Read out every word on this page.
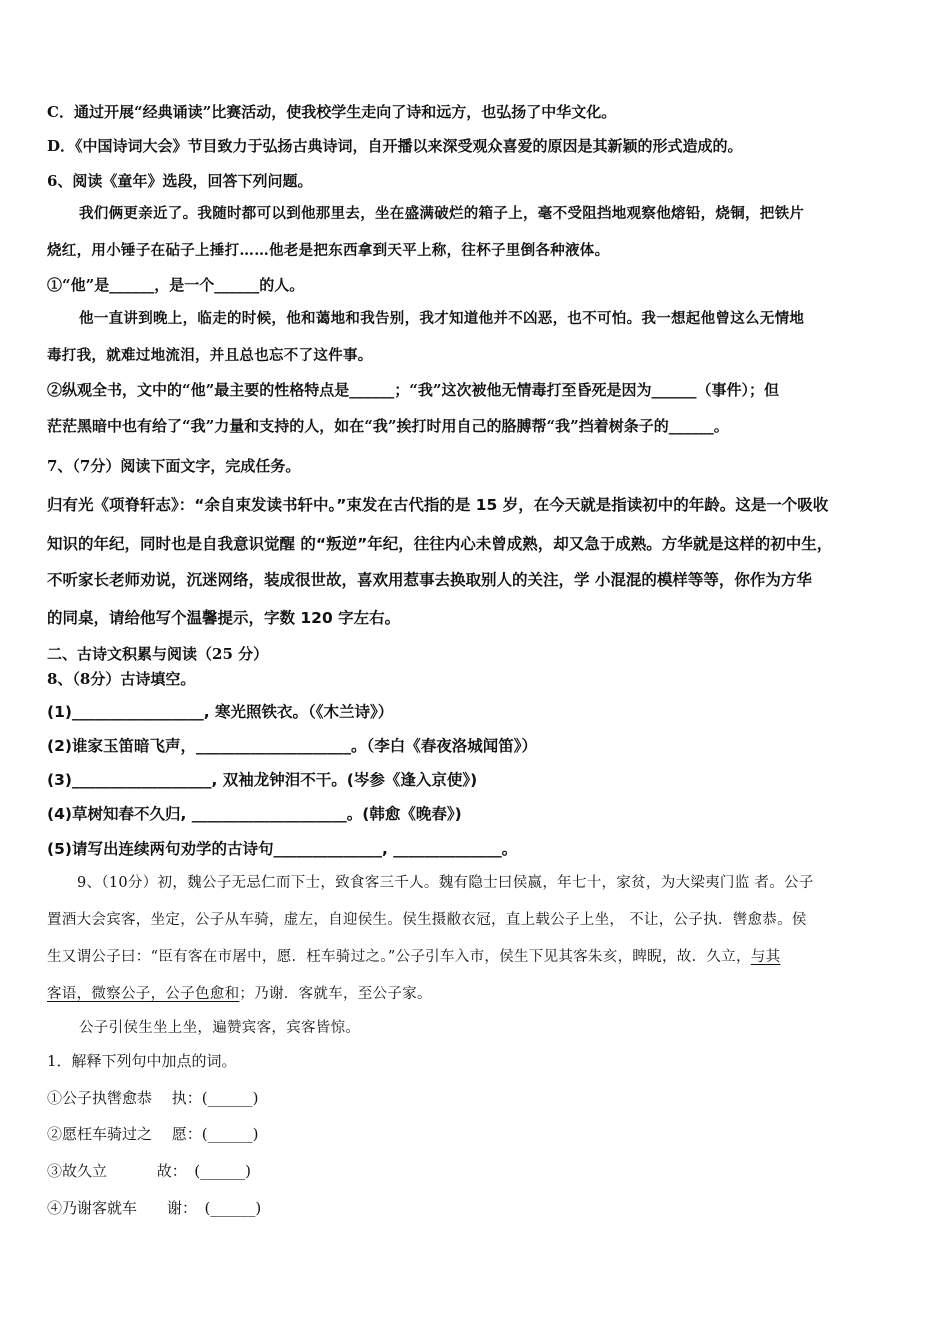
C．通过开展“经典诵读”比赛活动，使我校学生走向了诗和远方，也弘扬了中华文化。
D．《中国诗词大会》节目致力于弘扬古典诗词，自开播以来深受观众喜爱的原因是其新颖的形式造成的。
6、阅读《童年》选段，回答下列问题。
我们俩更亲近了。我随时都可以到他那里去，坐在盛满破烂的箱子上，毫不受阻挡地观察他熔铅，烧铜，把铁片
烧红，用小锤子在砧子上捶打……他老是把东西拿到天平上称，往杯子里倒各种液体。
①“他”是______，是一个______的人。
他一直讲到晚上，临走的时候，他和蔼地和我告别，我才知道他并不凶恶，也不可怕。我一想起他曾这么无情地
毒打我，就难过地流泪，并且总也忘不了这件事。
②纵观全书，文中的“他”最主要的性格特点是______；“我”这次被他无情毒打至昏死是因为______（事件）；但
茫茫黑暗中也有给了“我”力量和支持的人，如在“我”挨打时用自己的胳膊帮“我”挡着树条子的______。
7、（7分）阅读下面文字，完成任务。
归有光《项脊轩志》：“余自束发读书轩中。”束发在古代指的是 15 岁，在今天就是指读初中的年龄。这是一个吸收
知识的年纪，同时也是自我意识觉醒 的“叛逆”年纪，往往内心未曾成熟，却又急于成熟。方华就是这样的初中生，
不听家长老师劝说，沉迷网络，装成很世故，喜欢用惹事去换取别人的关注，学 小混混的模样等等，你作为方华
的同桌，请给他写个温馨提示，字数 120 字左右。
二、古诗文积累与阅读（25 分）
8、（8分）古诗填空。
(1)_________________, 寒光照铁衣。（《木兰诗》）
(2)谁家玉笛暗飞声，____________________。（李白《春夜洛城闻笛》）
(3)__________________, 双袖龙钟泪不干。(岑参《逢入京使》)
(4)草树知春不久归, ____________________。(韩愈《晚春》)
(5)请写出连续两句劝学的古诗句______________, ______________。
9、（10分）初，魏公子无忌仁而下士，致食客三千人。魏有隐士曰侯嬴，年七十，家贫，为大梁夷门监 者。公子
置酒大会宾客，坐定，公子从车骑，虚左，自迎侯生。侯生摄敝衣冠，直上载公子上坐， 不让，公子执．辔愈恭。侯
生又谓公子曰：“臣有客在市屠中，愿．枉车骑过之。”公子引车入市，侯生下见其客朱亥，睥睨，故．久立，与其
客语，微察公子，公子色愈和；乃谢．客就车，至公子家。
公子引侯生坐上坐，遍赞宾客，宾客皆惊。
1．解释下列句中加点的词。
①公子执辔愈恭　 执：(______)
②愿枉车骑过之　 愿：(______)
③故久立　　　 故：　(______)
④乃谢客就车　　谢：　(______)
